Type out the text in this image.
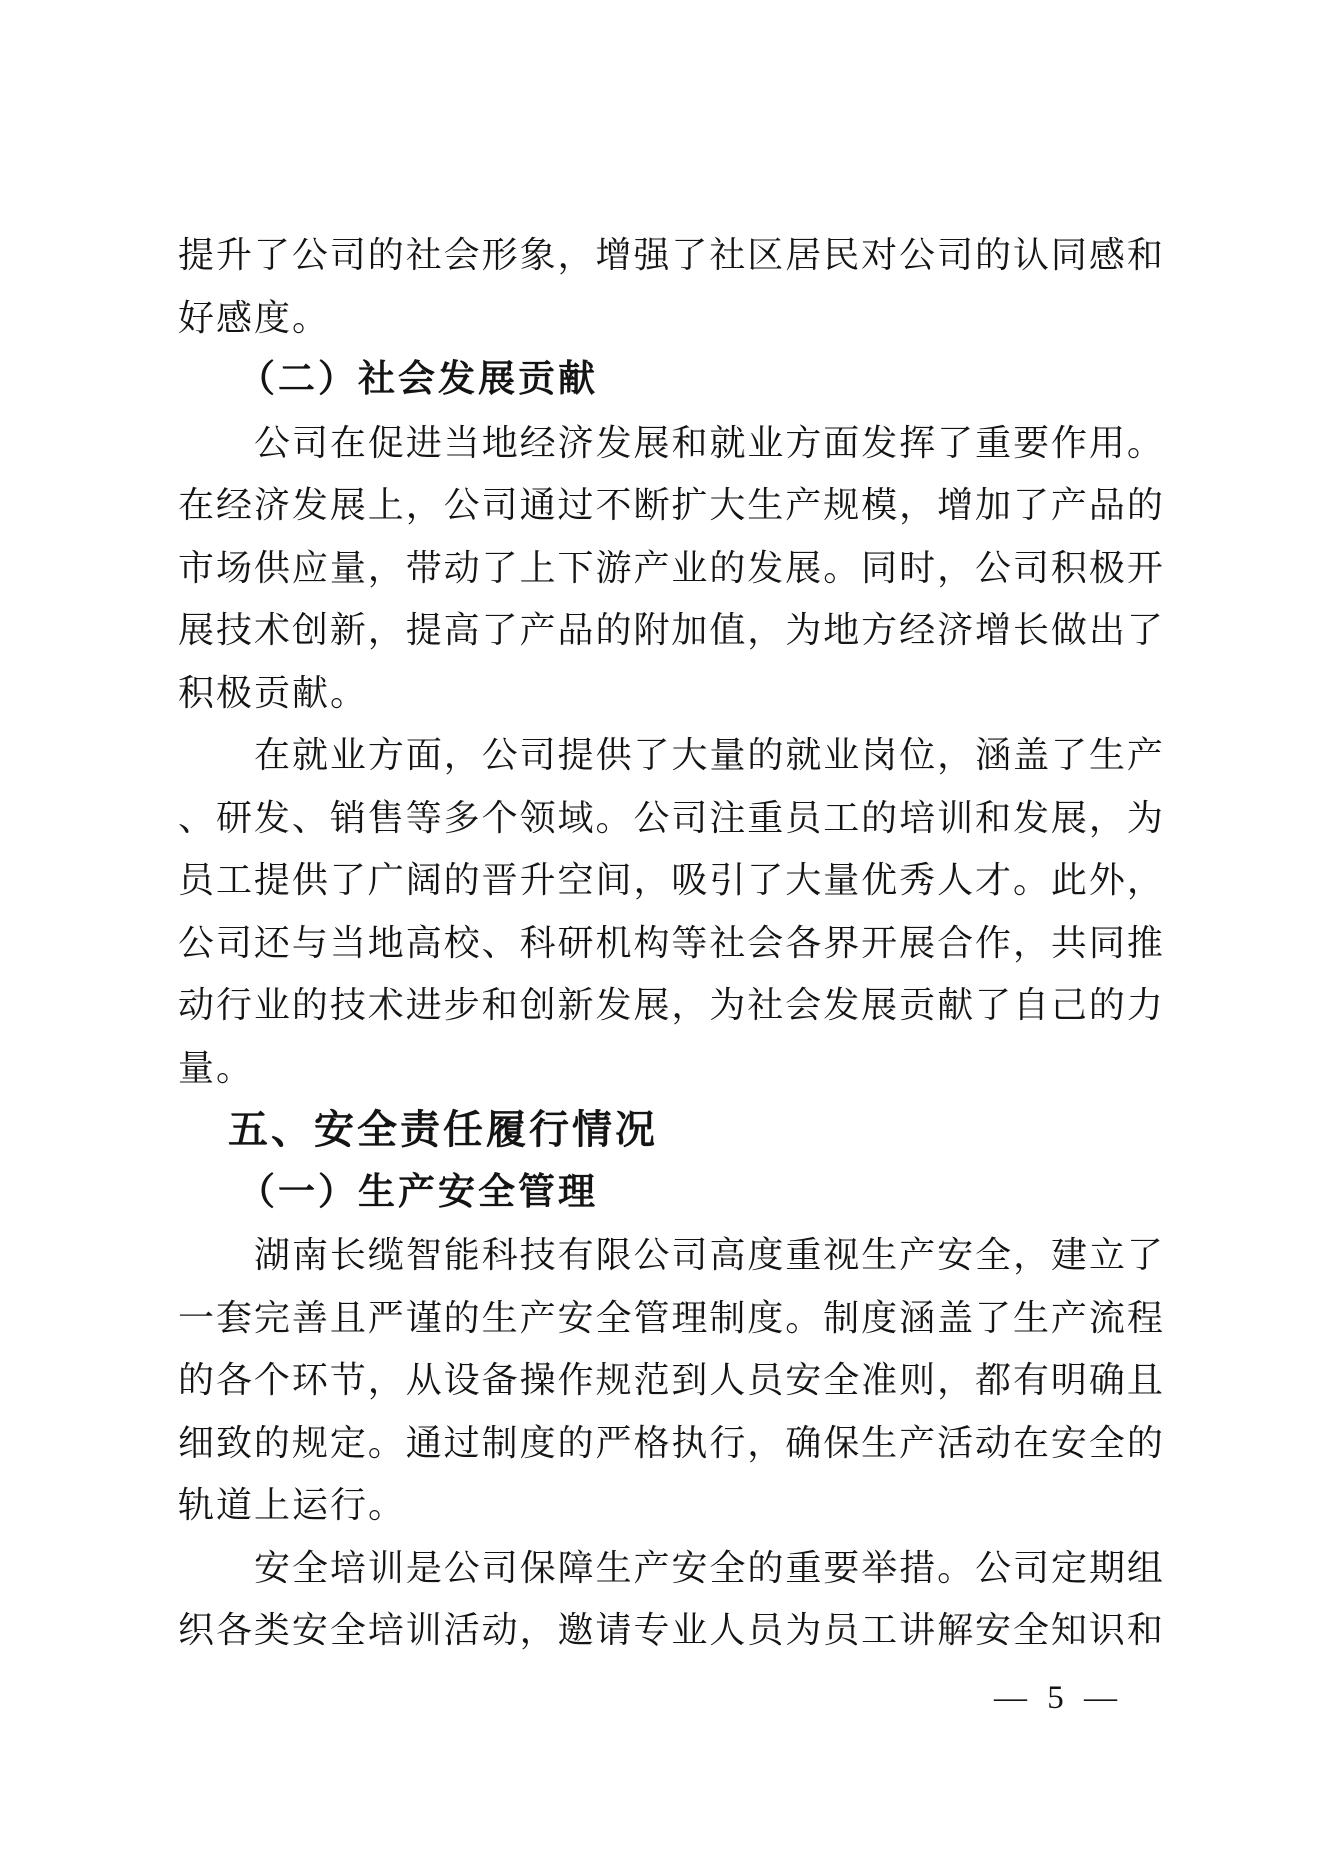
提 升 了 公 司 的 社 会 形 象 ， 增 强 了 社 区 居 民 对 公 司 的 认 同 感 和
好感度。
（二）社会发展贡献
公 司 在 促 进 当 地 经 济 发 展 和 就 业 方 面 发 挥 了 重 要 作 用 。
在 经 济 发 展 上 ， 公 司 通 过 不 断 扩 大 生 产 规 模 ， 增 加 了 产 品 的
市 场 供 应 量 ， 带 动 了 上 下 游 产 业 的 发 展 。 同 时 ， 公 司 积 极 开
展 技 术 创 新 ， 提 高 了 产 品 的 附 加 值 ， 为 地 方 经 济 增 长 做 出 了
积极贡献。
在 就 业 方 面 ， 公 司 提 供 了 大 量 的 就 业 岗 位 ， 涵 盖 了 生 产
、 研 发 、 销 售 等 多 个 领 域 。 公 司 注 重 员 工 的 培 训 和 发 展 ， 为
员 工 提 供 了 广 阔 的 晋 升 空 间 ， 吸 引 了 大 量 优 秀 人 才 。 此 外 ，
公 司 还 与 当 地 高 校 、 科 研 机 构 等 社 会 各 界 开 展 合 作 ， 共 同 推
动 行 业 的 技 术 进 步 和 创 新 发 展 ， 为 社 会 发 展 贡 献 了 自 己 的 力
量。
五、安全责任履行情况
（一）生产安全管理
湖 南 长 缆 智 能 科 技 有 限 公 司 高 度 重 视 生 产 安 全 ， 建 立 了
一 套 完 善 且 严 谨 的 生 产 安 全 管 理 制 度 。 制 度 涵 盖 了 生 产 流 程
的 各 个 环 节 ， 从 设 备 操 作 规 范 到 人 员 安 全 准 则 ， 都 有 明 确 且
细 致 的 规 定 。 通 过 制 度 的 严 格 执 行 ， 确 保 生 产 活 动 在 安 全 的
轨道上运行。
安 全 培 训 是 公 司 保 障 生 产 安 全 的 重 要 举 措 。 公 司 定 期 组
织 各 类 安 全 培 训 活 动 ， 邀 请 专 业 人 员 为 员 工 讲 解 安 全 知 识 和
— 5 —
